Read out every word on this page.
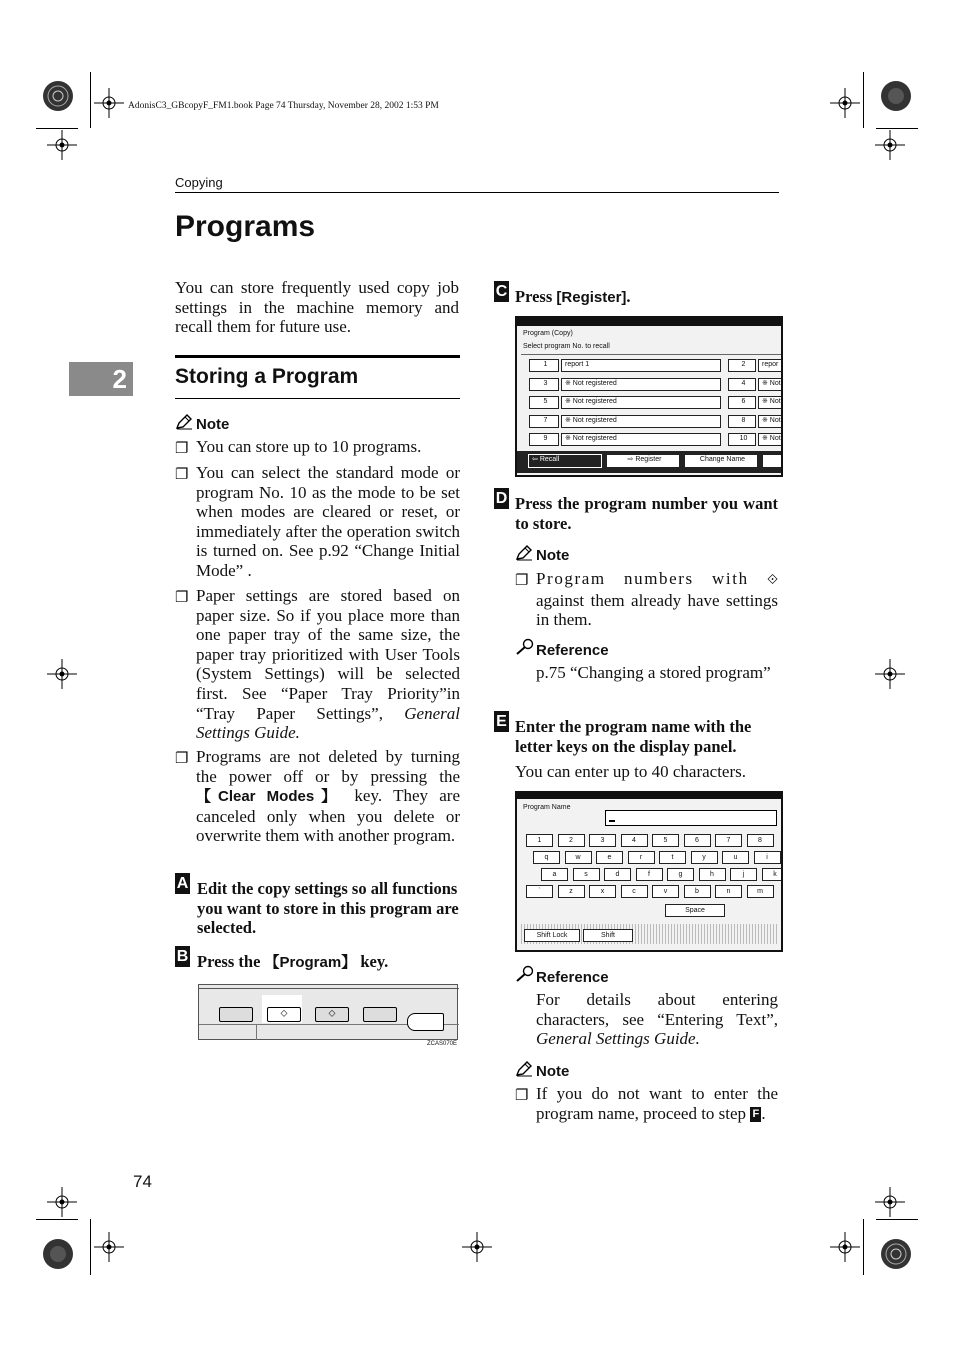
AdonisC3_GBcopyF_FM1.book Page 74 Thursday, November 28, 2002 1:53 PM
Copying
Programs
2

You can store frequently used copy job settings in the machine memory and recall them for future use.

Storing a Program
Note
❐ You can store up to 10 programs.

❐ You can select the standard mode or program No. 10 as the mode to be set when modes are cleared or reset, or immediately after the operation switch is turned on. See p.92 “Change Initial Mode” .

❐ Paper settings are stored based on paper size. So if you place more than one paper tray of the same size, the paper tray prioritized with User Tools (System Settings) will be selected first. See “Paper Tray Priority”in “Tray Paper Settings”, General Settings Guide.

❐ Programs are not deleted by turning the power off or by pressing the 【Clear Modes】 key. They are canceled only when you delete or overwrite them with another program.

A Edit the copy settings so all functions you want to store in this program are selected.

B Press the 【Program】 key.

⬦	⬦
ZCAS070E
C Press [Register].

Program (Copy)
Select program No. to recall
1	report 1	2	repor
3	※ Not registered	4	※ Not
5	※ Not registered	6	※ Not
7	※ Not registered	8	※ Not
9	※ Not registered	10	※ Not
⇦ Recall	⇨ Register	Change Name
D Press the program number you want to store.

Note
❐ Program numbers with ⟐ against them already have settings in them.

Reference

p.75 “Changing a stored program”

E Enter the program name with the letter keys on the display panel.

You can enter up to 40 characters.

Program Name
1	2	3	4	5	6	7	8
q	w	e	r	t	y	u	i
a	s	d	f	g	h	j	k
`	z	x	c	v	b	n	m
Space
Shift Lock	Shift
Reference

For details about entering characters, see “Entering Text”, General Settings Guide.

Note
❐ If you do not want to enter the program name, proceed to step F .

74
